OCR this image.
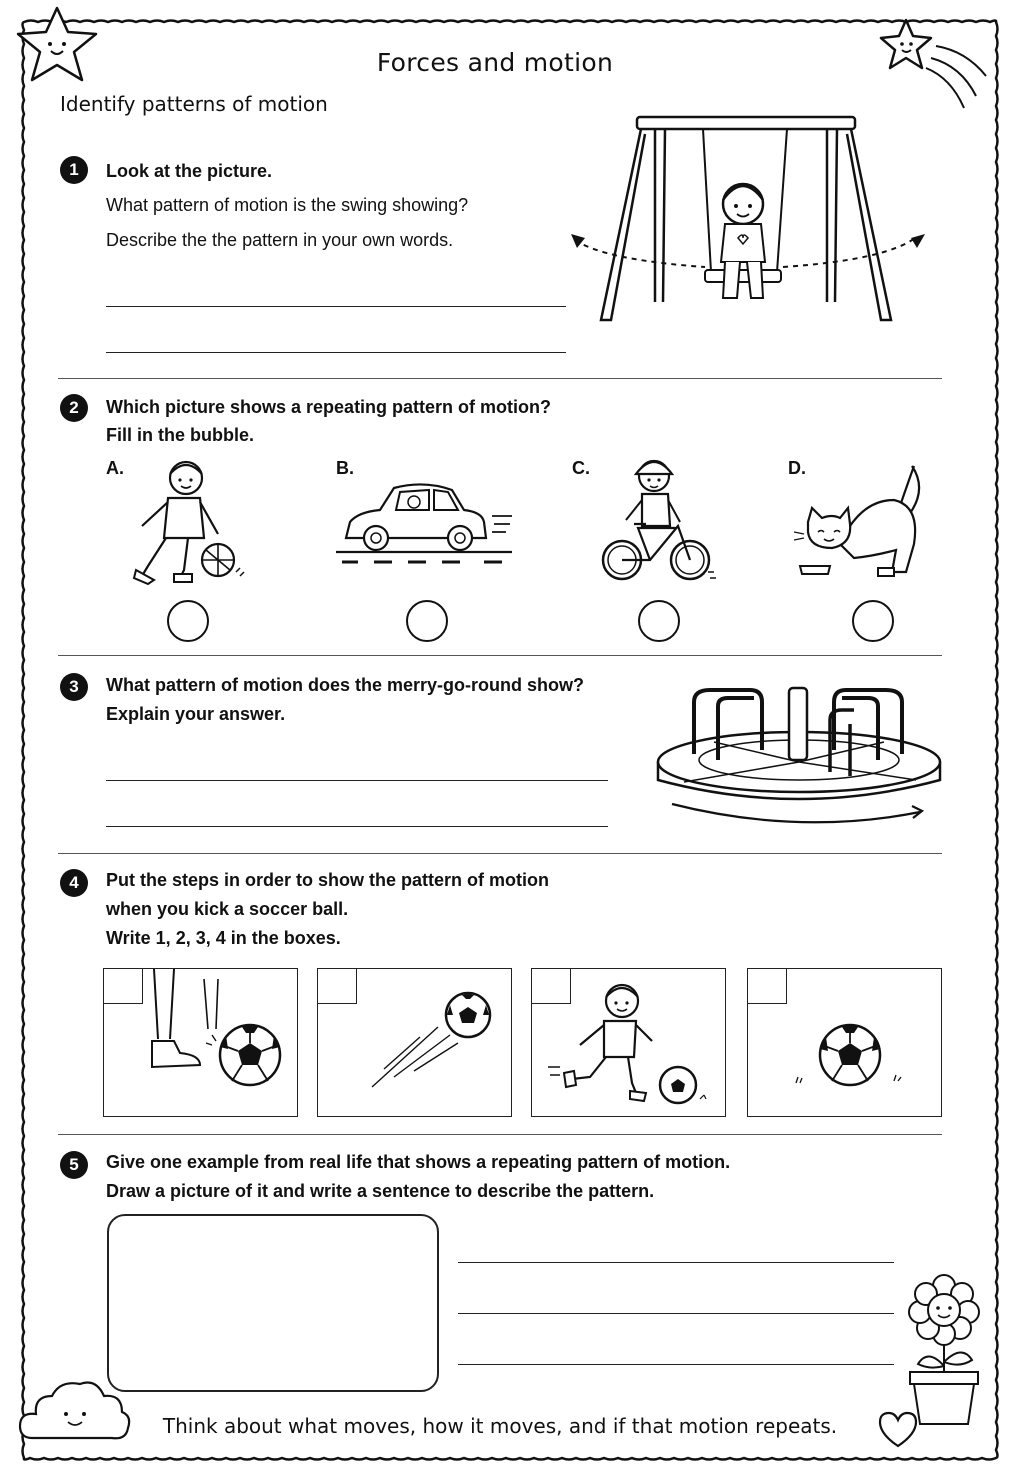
Forces and motion
Identify patterns of motion
1	Look at the picture.
What pattern of motion is the swing showing?
Describe the the pattern in your own words.
2	Which picture shows a repeating pattern of motion?
Fill in the bubble.
A.	B.	C.	D.
3	What pattern of motion does the merry-go-round show?
Explain your answer.
4	Put the steps in order to show the pattern of motion
when you kick a soccer ball.
Write 1, 2, 3, 4 in the boxes.
5	Give one example from real life that shows a repeating pattern of motion.
Draw a picture of it and write a sentence to describe the pattern.
Think about what moves, how it moves, and if that motion repeats.
